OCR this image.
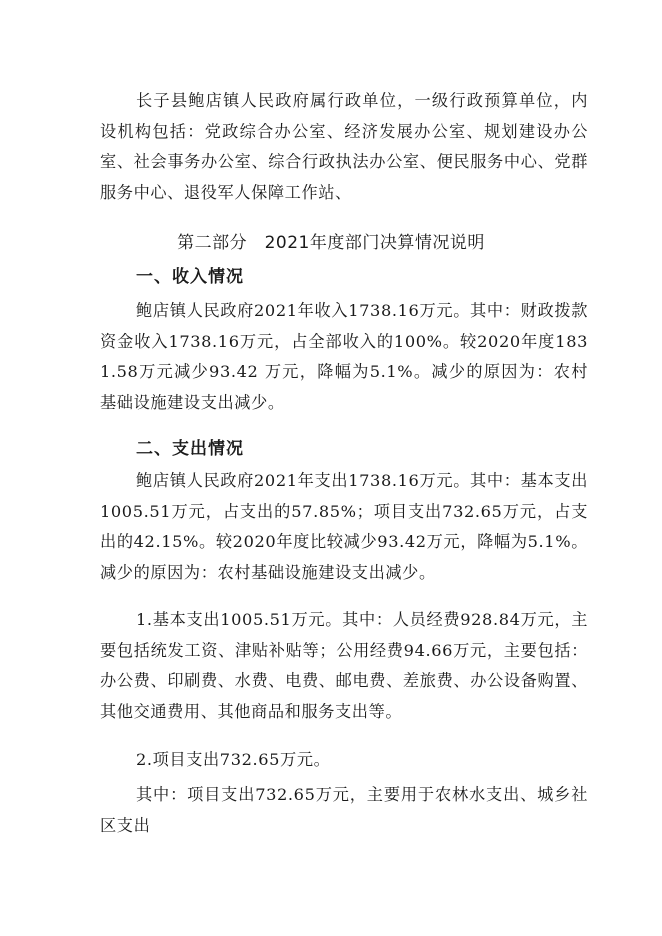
长子县鲍店镇人民政府属行政单位，一级行政预算单位，内设机构包括：党政综合办公室、经济发展办公室、规划建设办公室、社会事务办公室、综合行政执法办公室、便民服务中心、党群服务中心、退役军人保障工作站、

第二部分　2021年度部门决算情况说明

一、收入情况

鲍店镇人民政府2021年收入1738.16万元。其中：财政拨款资金收入1738.16万元，占全部收入的100%。较2020年度1831.58万元减少93.42 万元，降幅为5.1%。减少的原因为：农村基础设施建设支出减少。

二、支出情况

鲍店镇人民政府2021年支出1738.16万元。其中：基本支出1005.51万元，占支出的57.85%；项目支出732.65万元，占支出的42.15%。较2020年度比较减少93.42万元，降幅为5.1%。减少的原因为：农村基础设施建设支出减少。

1.基本支出1005.51万元。其中：人员经费928.84万元，主要包括统发工资、津贴补贴等；公用经费94.66万元，主要包括：办公费、印刷费、水费、电费、邮电费、差旅费、办公设备购置、其他交通费用、其他商品和服务支出等。

2.项目支出732.65万元。

其中：项目支出732.65万元，主要用于农林水支出、城乡社区支出
